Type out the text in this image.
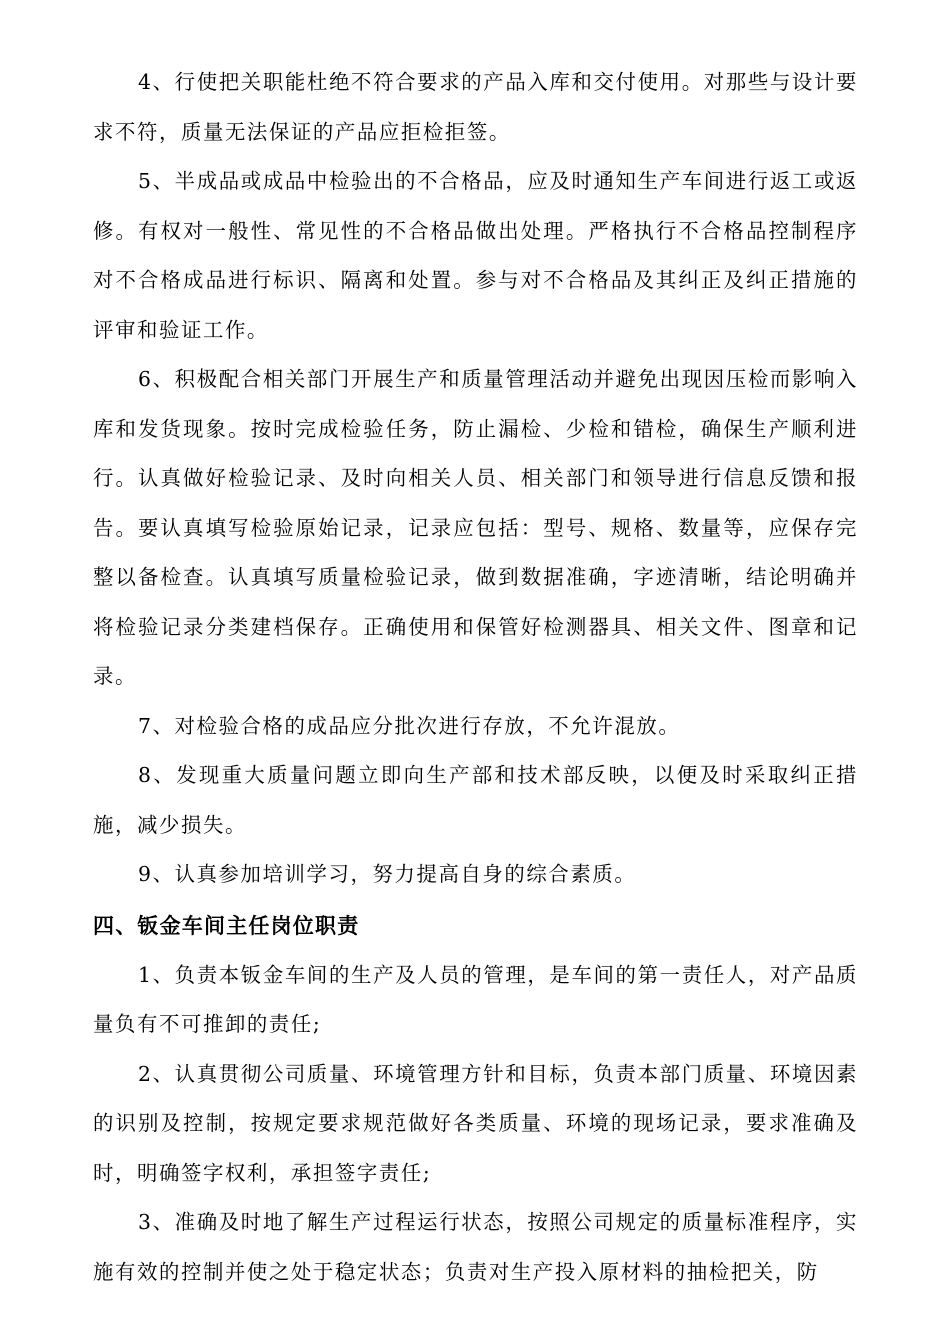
4、行使把关职能杜绝不符合要求的产品入库和交付使用。对那些与设计要求不符，质量无法保证的产品应拒检拒签。

5、半成品或成品中检验出的不合格品，应及时通知生产车间进行返工或返修。有权对一般性、常见性的不合格品做出处理。严格执行不合格品控制程序对不合格成品进行标识、隔离和处置。参与对不合格品及其纠正及纠正措施的评审和验证工作。

6、积极配合相关部门开展生产和质量管理活动并避免出现因压检而影响入库和发货现象。按时完成检验任务，防止漏检、少检和错检，确保生产顺利进行。认真做好检验记录、及时向相关人员、相关部门和领导进行信息反馈和报告。要认真填写检验原始记录，记录应包括：型号、规格、数量等，应保存完整以备检查。认真填写质量检验记录，做到数据准确，字迹清晰，结论明确并将检验记录分类建档保存。正确使用和保管好检测器具、相关文件、图章和记录。

7、对检验合格的成品应分批次进行存放，不允许混放。

8、发现重大质量问题立即向生产部和技术部反映，以便及时采取纠正措施，减少损失。

9、认真参加培训学习，努力提高自身的综合素质。

四、钣金车间主任岗位职责

1、负责本钣金车间的生产及人员的管理，是车间的第一责任人，对产品质量负有不可推卸的责任;

2、认真贯彻公司质量、环境管理方针和目标，负责本部门质量、环境因素的识别及控制，按规定要求规范做好各类质量、环境的现场记录，要求准确及时，明确签字权利，承担签字责任;

3、准确及时地了解生产过程运行状态，按照公司规定的质量标准程序，实施有效的控制并使之处于稳定状态；负责对生产投入原材料的抽检把关，防
